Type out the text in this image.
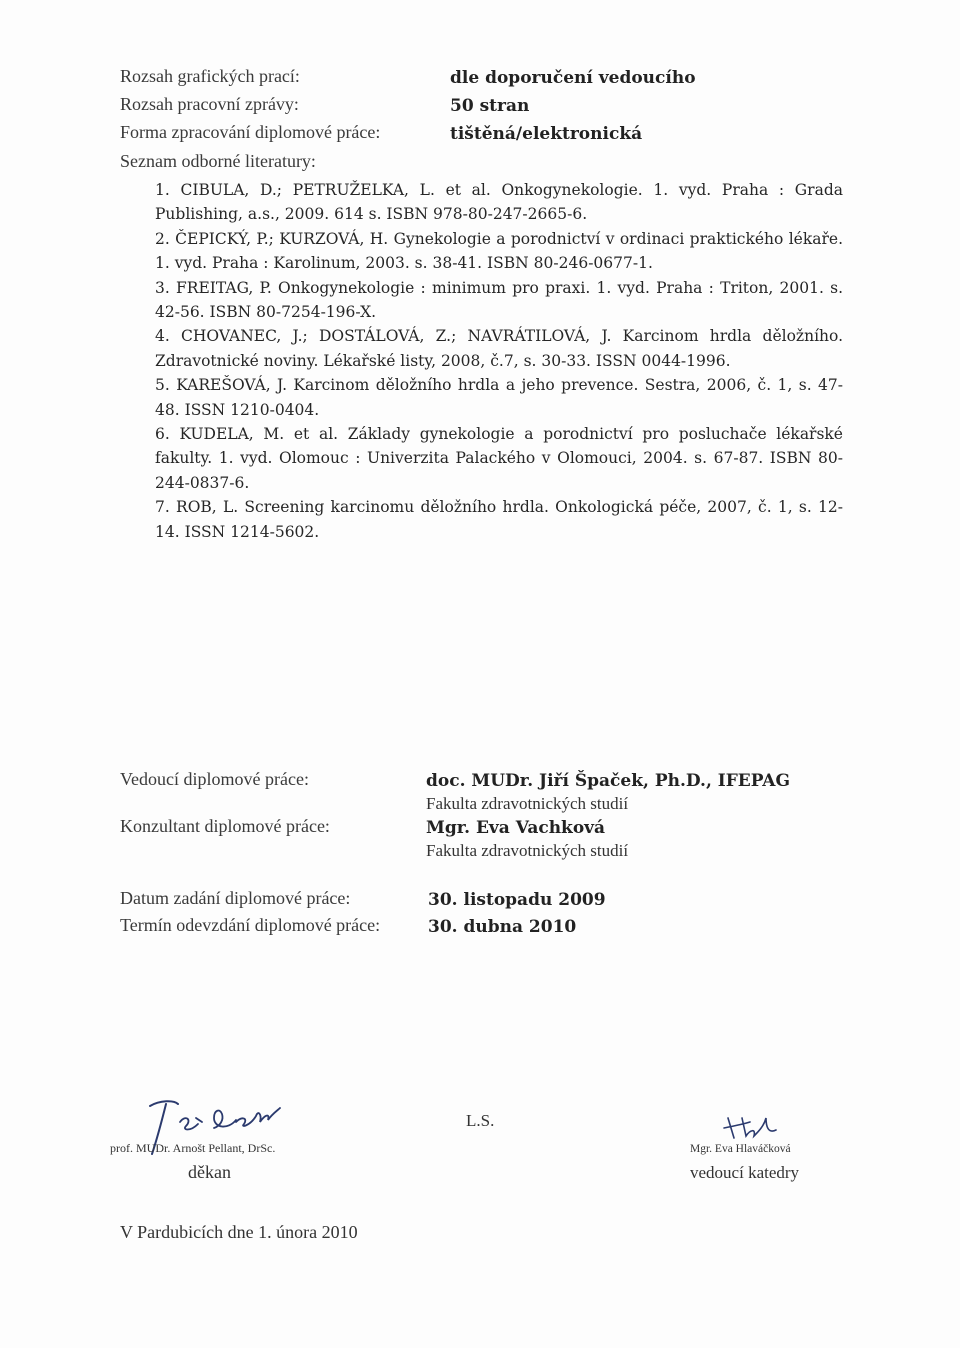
Rozsah grafických prací:	dle doporučení vedoucího
Rozsah pracovní zprávy:	50 stran
Forma zpracování diplomové práce:	tištěná/elektronická
Seznam odborné literatury:

1. CIBULA, D.; PETRUŽELKA, L. et al. Onkogynekologie. 1. vyd. Praha : Grada Publishing, a.s., 2009. 614 s. ISBN 978-80-247-2665-6.

2. ČEPICKÝ, P.; KURZOVÁ, H. Gynekologie a porodnictví v ordinaci praktického lékaře. 1. vyd. Praha : Karolinum, 2003. s. 38-41. ISBN 80-246-0677-1.

3. FREITAG, P. Onkogynekologie : minimum pro praxi. 1. vyd. Praha : Triton, 2001. s. 42-56. ISBN 80-7254-196-X.

4. CHOVANEC, J.; DOSTÁLOVÁ, Z.; NAVRÁTILOVÁ, J. Karcinom hrdla děložního. Zdravotnické noviny. Lékařské listy, 2008, č.7, s. 30-33. ISSN 0044-1996.

5. KAREŠOVÁ, J. Karcinom děložního hrdla a jeho prevence. Sestra, 2006, č. 1, s. 47-48. ISSN 1210-0404.

6. KUDELA, M. et al. Základy gynekologie a porodnictví pro posluchače lékařské fakulty. 1. vyd. Olomouc : Univerzita Palackého v Olomouci, 2004. s. 67-87. ISBN 80-244-0837-6.

7. ROB, L. Screening karcinomu děložního hrdla. Onkologická péče, 2007, č. 1, s. 12-14. ISSN 1214-5602.

Vedoucí diplomové práce:	doc. MUDr. Jiří Špaček, Ph.D., IFEPAG
Fakulta zdravotnických studií
Konzultant diplomové práce:	Mgr. Eva Vachková
Fakulta zdravotnických studií
Datum zadání diplomové práce:	30. listopadu 2009
Termín odevzdání diplomové práce:	30. dubna 2010
prof. MUDr. Arnošt Pellant, DrSc.
děkan
L.S.
Mgr. Eva Hlaváčková
vedoucí katedry
V Pardubicích dne 1. února 2010
